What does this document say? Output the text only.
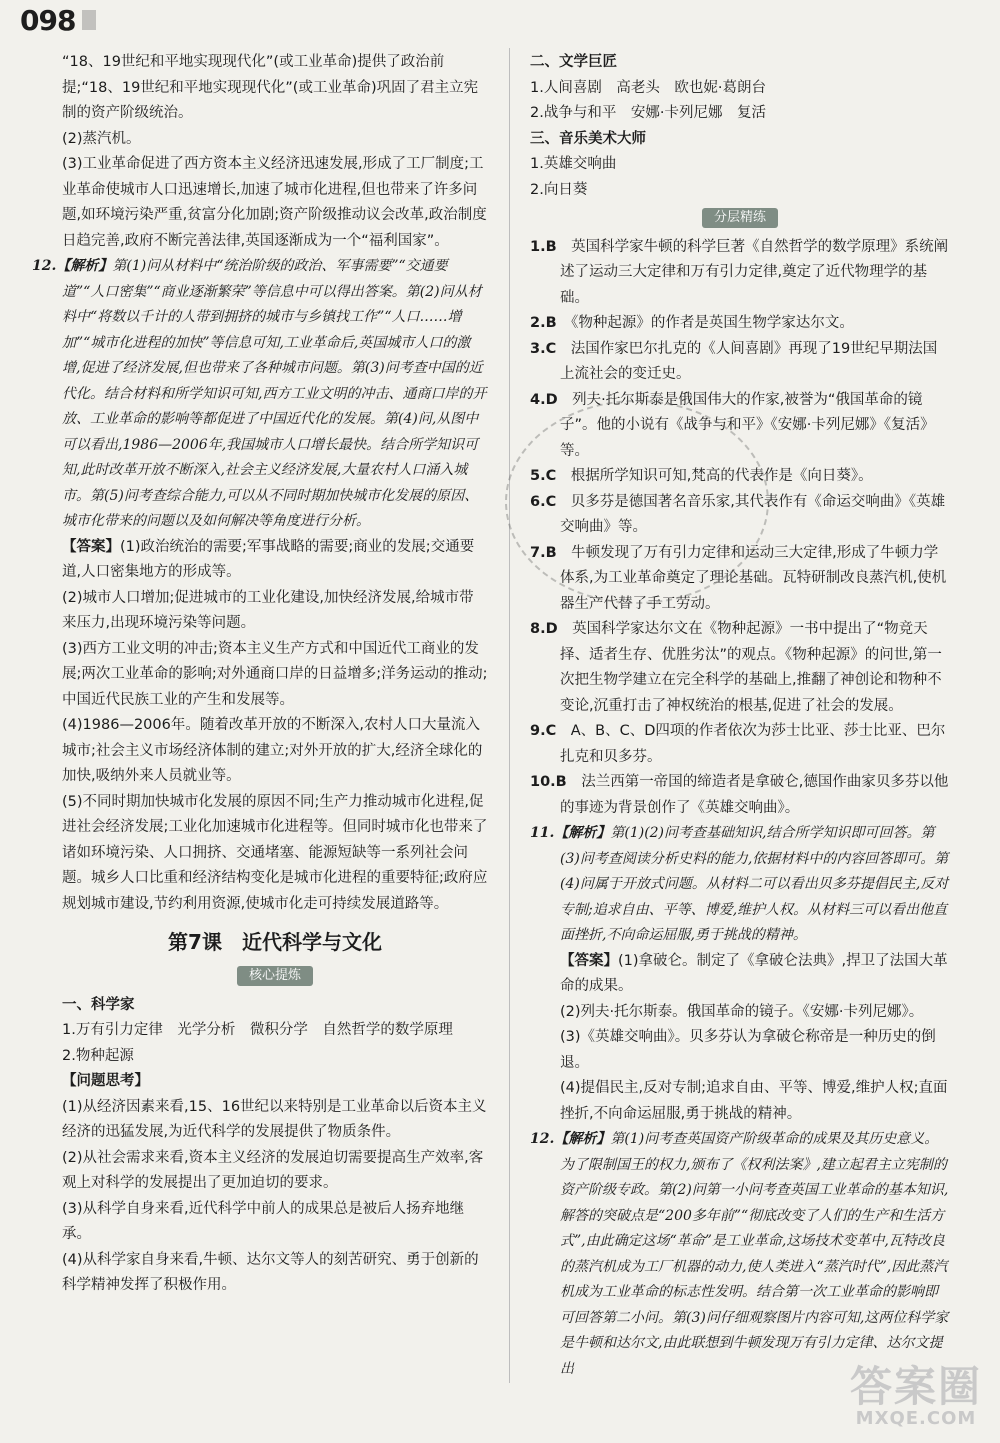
098

“18、19世纪和平地实现现代化”(或工业革命)提供了政治前提;“18、19世纪和平地实现现代化”(或工业革命)巩固了君主立宪制的资产阶级统治。

(2)蒸汽机。

(3)工业革命促进了西方资本主义经济迅速发展,形成了工厂制度;工业革命使城市人口迅速增长,加速了城市化进程,但也带来了许多问题,如环境污染严重,贫富分化加剧;资产阶级推动议会改革,政治制度日趋完善,政府不断完善法律,英国逐渐成为一个“福利国家”。

12.【解析】第(1)问从材料中“统治阶级的政治、军事需要”“交通要道”“人口密集”“商业逐渐繁荣”等信息中可以得出答案。第(2)问从材料中“将数以千计的人带到拥挤的城市与乡镇找工作”“人口……增加”“城市化进程的加快”等信息可知,工业革命后,英国城市人口的激增,促进了经济发展,但也带来了各种城市问题。第(3)问考查中国的近代化。结合材料和所学知识可知,西方工业文明的冲击、通商口岸的开放、工业革命的影响等都促进了中国近代化的发展。第(4)问,从图中可以看出,1986—2006年,我国城市人口增长最快。结合所学知识可知,此时改革开放不断深入,社会主义经济发展,大量农村人口涌入城市。第(5)问考查综合能力,可以从不同时期加快城市化发展的原因、城市化带来的问题以及如何解决等角度进行分析。

【答案】(1)政治统治的需要;军事战略的需要;商业的发展;交通要道,人口密集地方的形成等。

(2)城市人口增加;促进城市的工业化建设,加快经济发展,给城市带来压力,出现环境污染等问题。

(3)西方工业文明的冲击;资本主义生产方式和中国近代工商业的发展;两次工业革命的影响;对外通商口岸的日益增多;洋务运动的推动;中国近代民族工业的产生和发展等。

(4)1986—2006年。随着改革开放的不断深入,农村人口大量流入城市;社会主义市场经济体制的建立;对外开放的扩大,经济全球化的加快,吸纳外来人员就业等。

(5)不同时期加快城市化发展的原因不同;生产力推动城市化进程,促进社会经济发展;工业化加速城市化进程等。但同时城市化也带来了诸如环境污染、人口拥挤、交通堵塞、能源短缺等一系列社会问题。城乡人口比重和经济结构变化是城市化进程的重要特征;政府应规划城市建设,节约利用资源,使城市化走可持续发展道路等。

第7课　近代科学与文化

核心提炼

一、科学家

1.万有引力定律　光学分析　微积分学　自然哲学的数学原理

2.物种起源

【问题思考】

(1)从经济因素来看,15、16世纪以来特别是工业革命以后资本主义经济的迅猛发展,为近代科学的发展提供了物质条件。

(2)从社会需求来看,资本主义经济的发展迫切需要提高生产效率,客观上对科学的发展提出了更加迫切的要求。

(3)从科学自身来看,近代科学中前人的成果总是被后人扬弃地继承。

(4)从科学家自身来看,牛顿、达尔文等人的刻苦研究、勇于创新的科学精神发挥了积极作用。

二、文学巨匠

1.人间喜剧　高老头　欧也妮·葛朗台

2.战争与和平　安娜·卡列尼娜　复活

三、音乐美术大师

1.英雄交响曲

2.向日葵

分层精练

1.B　 英国科学家牛顿的科学巨著《自然哲学的数学原理》系统阐述了运动三大定律和万有引力定律,奠定了近代物理学的基础。

2.B　 《物种起源》的作者是英国生物学家达尔文。

3.C　 法国作家巴尔扎克的《人间喜剧》再现了19世纪早期法国上流社会的变迁史。

4.D　 列夫·托尔斯泰是俄国伟大的作家,被誉为“俄国革命的镜子”。他的小说有《战争与和平》《安娜·卡列尼娜》《复活》等。

5.C　 根据所学知识可知,梵高的代表作是《向日葵》。

6.C　 贝多芬是德国著名音乐家,其代表作有《命运交响曲》《英雄交响曲》等。

7.B　 牛顿发现了万有引力定律和运动三大定律,形成了牛顿力学体系,为工业革命奠定了理论基础。瓦特研制改良蒸汽机,使机器生产代替了手工劳动。

8.D　 英国科学家达尔文在《物种起源》一书中提出了“物竞天择、适者生存、优胜劣汰”的观点。《物种起源》的问世,第一次把生物学建立在完全科学的基础上,推翻了神创论和物种不变论,沉重打击了神权统治的根基,促进了社会的发展。

9.C　 A、B、C、D四项的作者依次为莎士比亚、莎士比亚、巴尔扎克和贝多芬。

10.B　 法兰西第一帝国的缔造者是拿破仑,德国作曲家贝多芬以他的事迹为背景创作了《英雄交响曲》。

11.【解析】第(1)(2)问考查基础知识,结合所学知识即可回答。第(3)问考查阅读分析史料的能力,依据材料中的内容回答即可。第(4)问属于开放式问题。从材料二可以看出贝多芬提倡民主,反对专制;追求自由、平等、博爱,维护人权。从材料三可以看出他直面挫折,不向命运屈服,勇于挑战的精神。

【答案】(1)拿破仑。制定了《拿破仑法典》,捍卫了法国大革命的成果。

(2)列夫·托尔斯泰。俄国革命的镜子。《安娜·卡列尼娜》。

(3)《英雄交响曲》。贝多芬认为拿破仑称帝是一种历史的倒退。

(4)提倡民主,反对专制;追求自由、平等、博爱,维护人权;直面挫折,不向命运屈服,勇于挑战的精神。

12.【解析】第(1)问考查英国资产阶级革命的成果及其历史意义。为了限制国王的权力,颁布了《权利法案》,建立起君主立宪制的资产阶级专政。第(2)问第一小问考查英国工业革命的基本知识,解答的突破点是“200多年前”“彻底改变了人们的生产和生活方式”,由此确定这场“革命”是工业革命,这场技术变革中,瓦特改良的蒸汽机成为工厂机器的动力,使人类进入“蒸汽时代”,因此蒸汽机成为工业革命的标志性发明。结合第一次工业革命的影响即可回答第二小问。第(3)问仔细观察图片内容可知,这两位科学家是牛顿和达尔文,由此联想到牛顿发现万有引力定律、达尔文提出	答案圈
MXQE.COM
